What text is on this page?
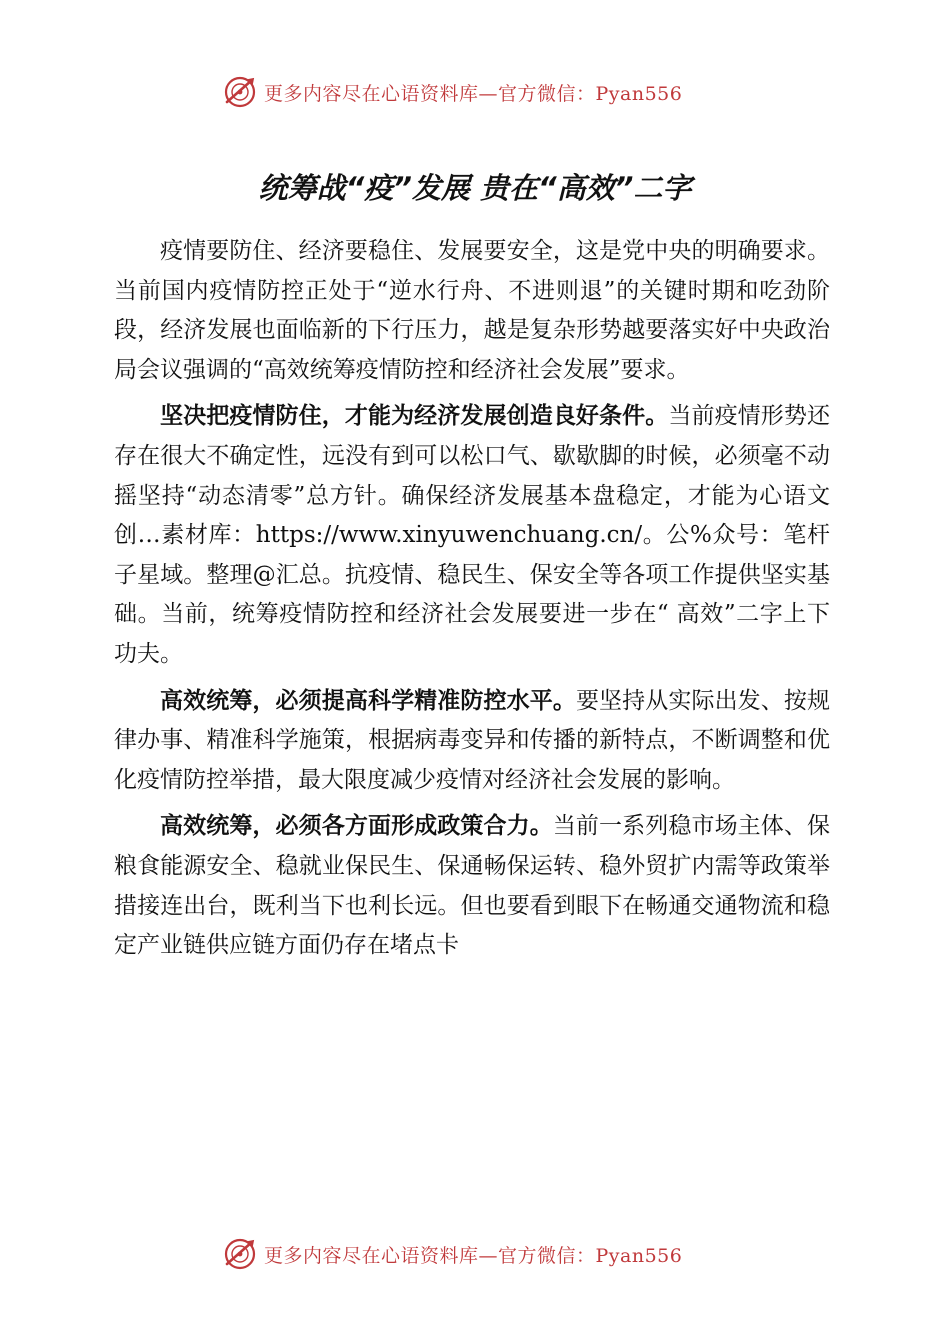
更多内容尽在心语资料库—官方微信：Pyan556
统筹战“疫”发展 贵在“高效”二字

疫情要防住、经济要稳住、发展要安全，这是党中央的明确要求。当前国内疫情防控正处于“逆水行舟、不进则退”的关键时期和吃劲阶段，经济发展也面临新的下行压力，越是复杂形势越要落实好中央政治局会议强调的“高效统筹疫情防控和经济社会发展”要求。

坚决把疫情防住，才能为经济发展创造良好条件。当前疫情形势还存在很大不确定性，远没有到可以松口气、歇歇脚的时候，必须毫不动摇坚持“动态清零”总方针。确保经济发展基本盘稳定，才能为心语文创…素材库：https://www.xinyuwenchuang.cn/。公%众号：笔杆子星域。整理@汇总。抗疫情、稳民生、保安全等各项工作提供坚实基础。当前，统筹疫情防控和经济社会发展要进一步在“ 高效”二字上下功夫。

高效统筹，必须提高科学精准防控水平。要坚持从实际出发、按规律办事、精准科学施策，根据病毒变异和传播的新特点，不断调整和优化疫情防控举措，最大限度减少疫情对经济社会发展的影响。

高效统筹，必须各方面形成政策合力。当前一系列稳市场主体、保粮食能源安全、稳就业保民生、保通畅保运转、稳外贸扩内需等政策举措接连出台，既利当下也利长远。但也要看到眼下在畅通交通物流和稳定产业链供应链方面仍存在堵点卡

更多内容尽在心语资料库—官方微信：Pyan556
